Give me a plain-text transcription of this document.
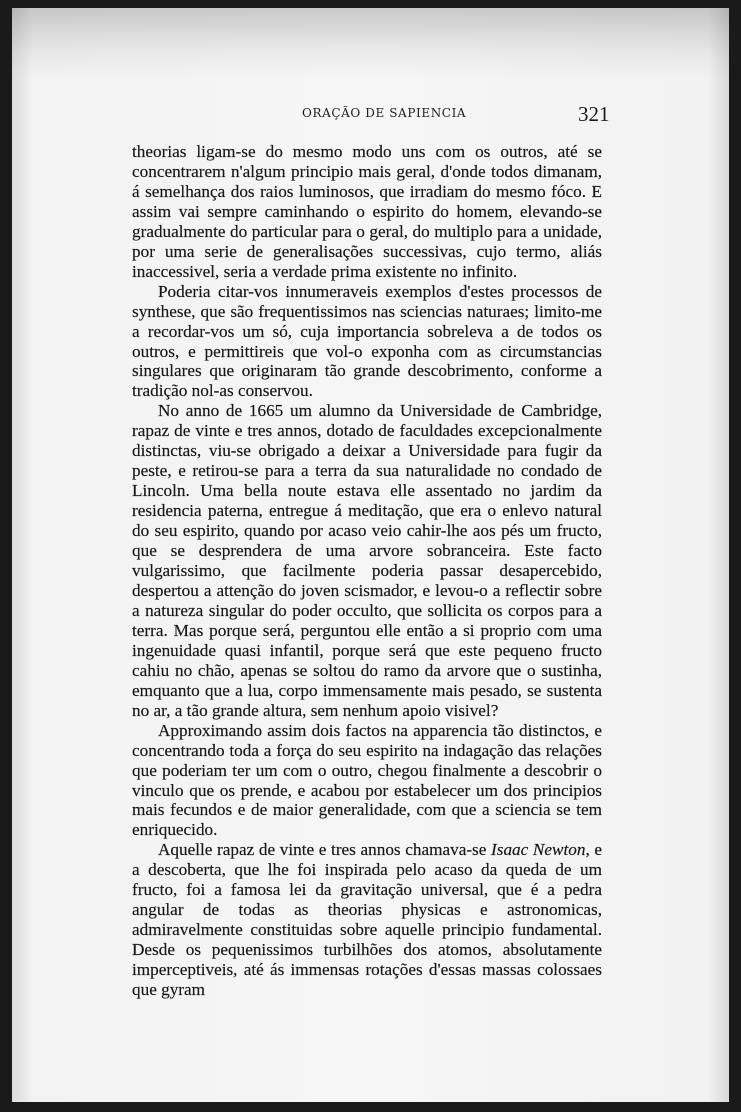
ORAÇÃO DE SAPIENCIA	321

theorias ligam-se do mesmo modo uns com os outros, até se concentrarem n'algum principio mais geral, d'onde todos dimanam, á semelhança dos raios luminosos, que irradiam do mesmo fóco. E assim vai sempre caminhando o espirito do homem, elevando-se gradualmente do particular para o geral, do multiplo para a unidade, por uma serie de generalisações successivas, cujo termo, aliás inaccessivel, seria a verdade prima existente no infinito.

Poderia citar-vos innumeraveis exemplos d'estes processos de synthese, que são frequentissimos nas sciencias naturaes; limito-me a recordar-vos um só, cuja importancia sobreleva a de todos os outros, e permittireis que vol-o exponha com as circumstancias singulares que originaram tão grande descobrimento, conforme a tradição nol-as conservou.

No anno de 1665 um alumno da Universidade de Cambridge, rapaz de vinte e tres annos, dotado de faculdades excepcionalmente distinctas, viu-se obrigado a deixar a Universidade para fugir da peste, e retirou-se para a terra da sua naturalidade no condado de Lincoln. Uma bella noute estava elle assentado no jardim da residencia paterna, entregue á meditação, que era o enlevo natural do seu espirito, quando por acaso veio cahir-lhe aos pés um fructo, que se desprendera de uma arvore sobranceira. Este facto vulgarissimo, que facilmente poderia passar desapercebido, despertou a attenção do joven scismador, e levou-o a reflectir sobre a natureza singular do poder occulto, que sollicita os corpos para a terra. Mas porque será, perguntou elle então a si proprio com uma ingenuidade quasi infantil, porque será que este pequeno fructo cahiu no chão, apenas se soltou do ramo da arvore que o sustinha, emquanto que a lua, corpo immensamente mais pesado, se sustenta no ar, a tão grande altura, sem nenhum apoio visivel?

Approximando assim dois factos na apparencia tão distinctos, e concentrando toda a força do seu espirito na indagação das relações que poderiam ter um com o outro, chegou finalmente a descobrir o vinculo que os prende, e acabou por estabelecer um dos principios mais fecundos e de maior generalidade, com que a sciencia se tem enriquecido.

Aquelle rapaz de vinte e tres annos chamava-se Isaac Newton, e a descoberta, que lhe foi inspirada pelo acaso da queda de um fructo, foi a famosa lei da gravitação universal, que é a pedra angular de todas as theorias physicas e astronomicas, admiravelmente constituidas sobre aquelle principio fundamental. Desde os pequenissimos turbilhões dos atomos, absolutamente imperceptiveis, até ás immensas rotações d'essas massas colossaes que gyram
